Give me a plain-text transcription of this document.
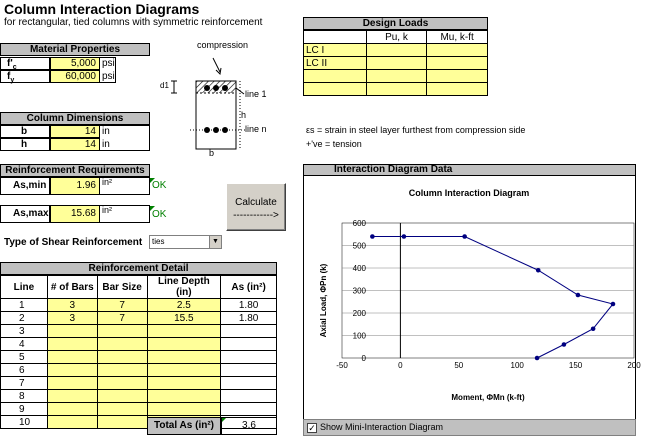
Column Interaction Diagrams
for rectangular, tied columns with symmetric reinforcement
Material Properties
$f'_c$	5,000 psi
$f_y$	60,000 psi
compression
d1
line 1
h
line n
b
Column Dimensions
b	14 in
h	14 in
Design Loads
	Pu, k	Mu, k-ft
LC I		
LC II		

εs = strain in steel layer furthest from compression side
+'ve = tension
Reinforcement Requirements
As,min	1.96 in²	OK
As,max	15.68 in²	OK
Calculate
------------>
Type of Shear Reinforcement	ties	▼
Reinforcement Detail
Line	# of Bars	Bar Size	Line Depth (in)	As (in²)
1	3	7	2.5	1.80
2	3	7	15.5	1.80
3				
4				
5				
6				
7				
8				
9				
10					Total As (in²)	3.6
Interaction Diagram Data
Column Interaction Diagram
0
100
200
300
400
500
600
-50	0	50	100	150	200
Moment, ΦMn (k-ft)
Axial Load, ΦPn (k)
✓ Show Mini-Interaction Diagram
